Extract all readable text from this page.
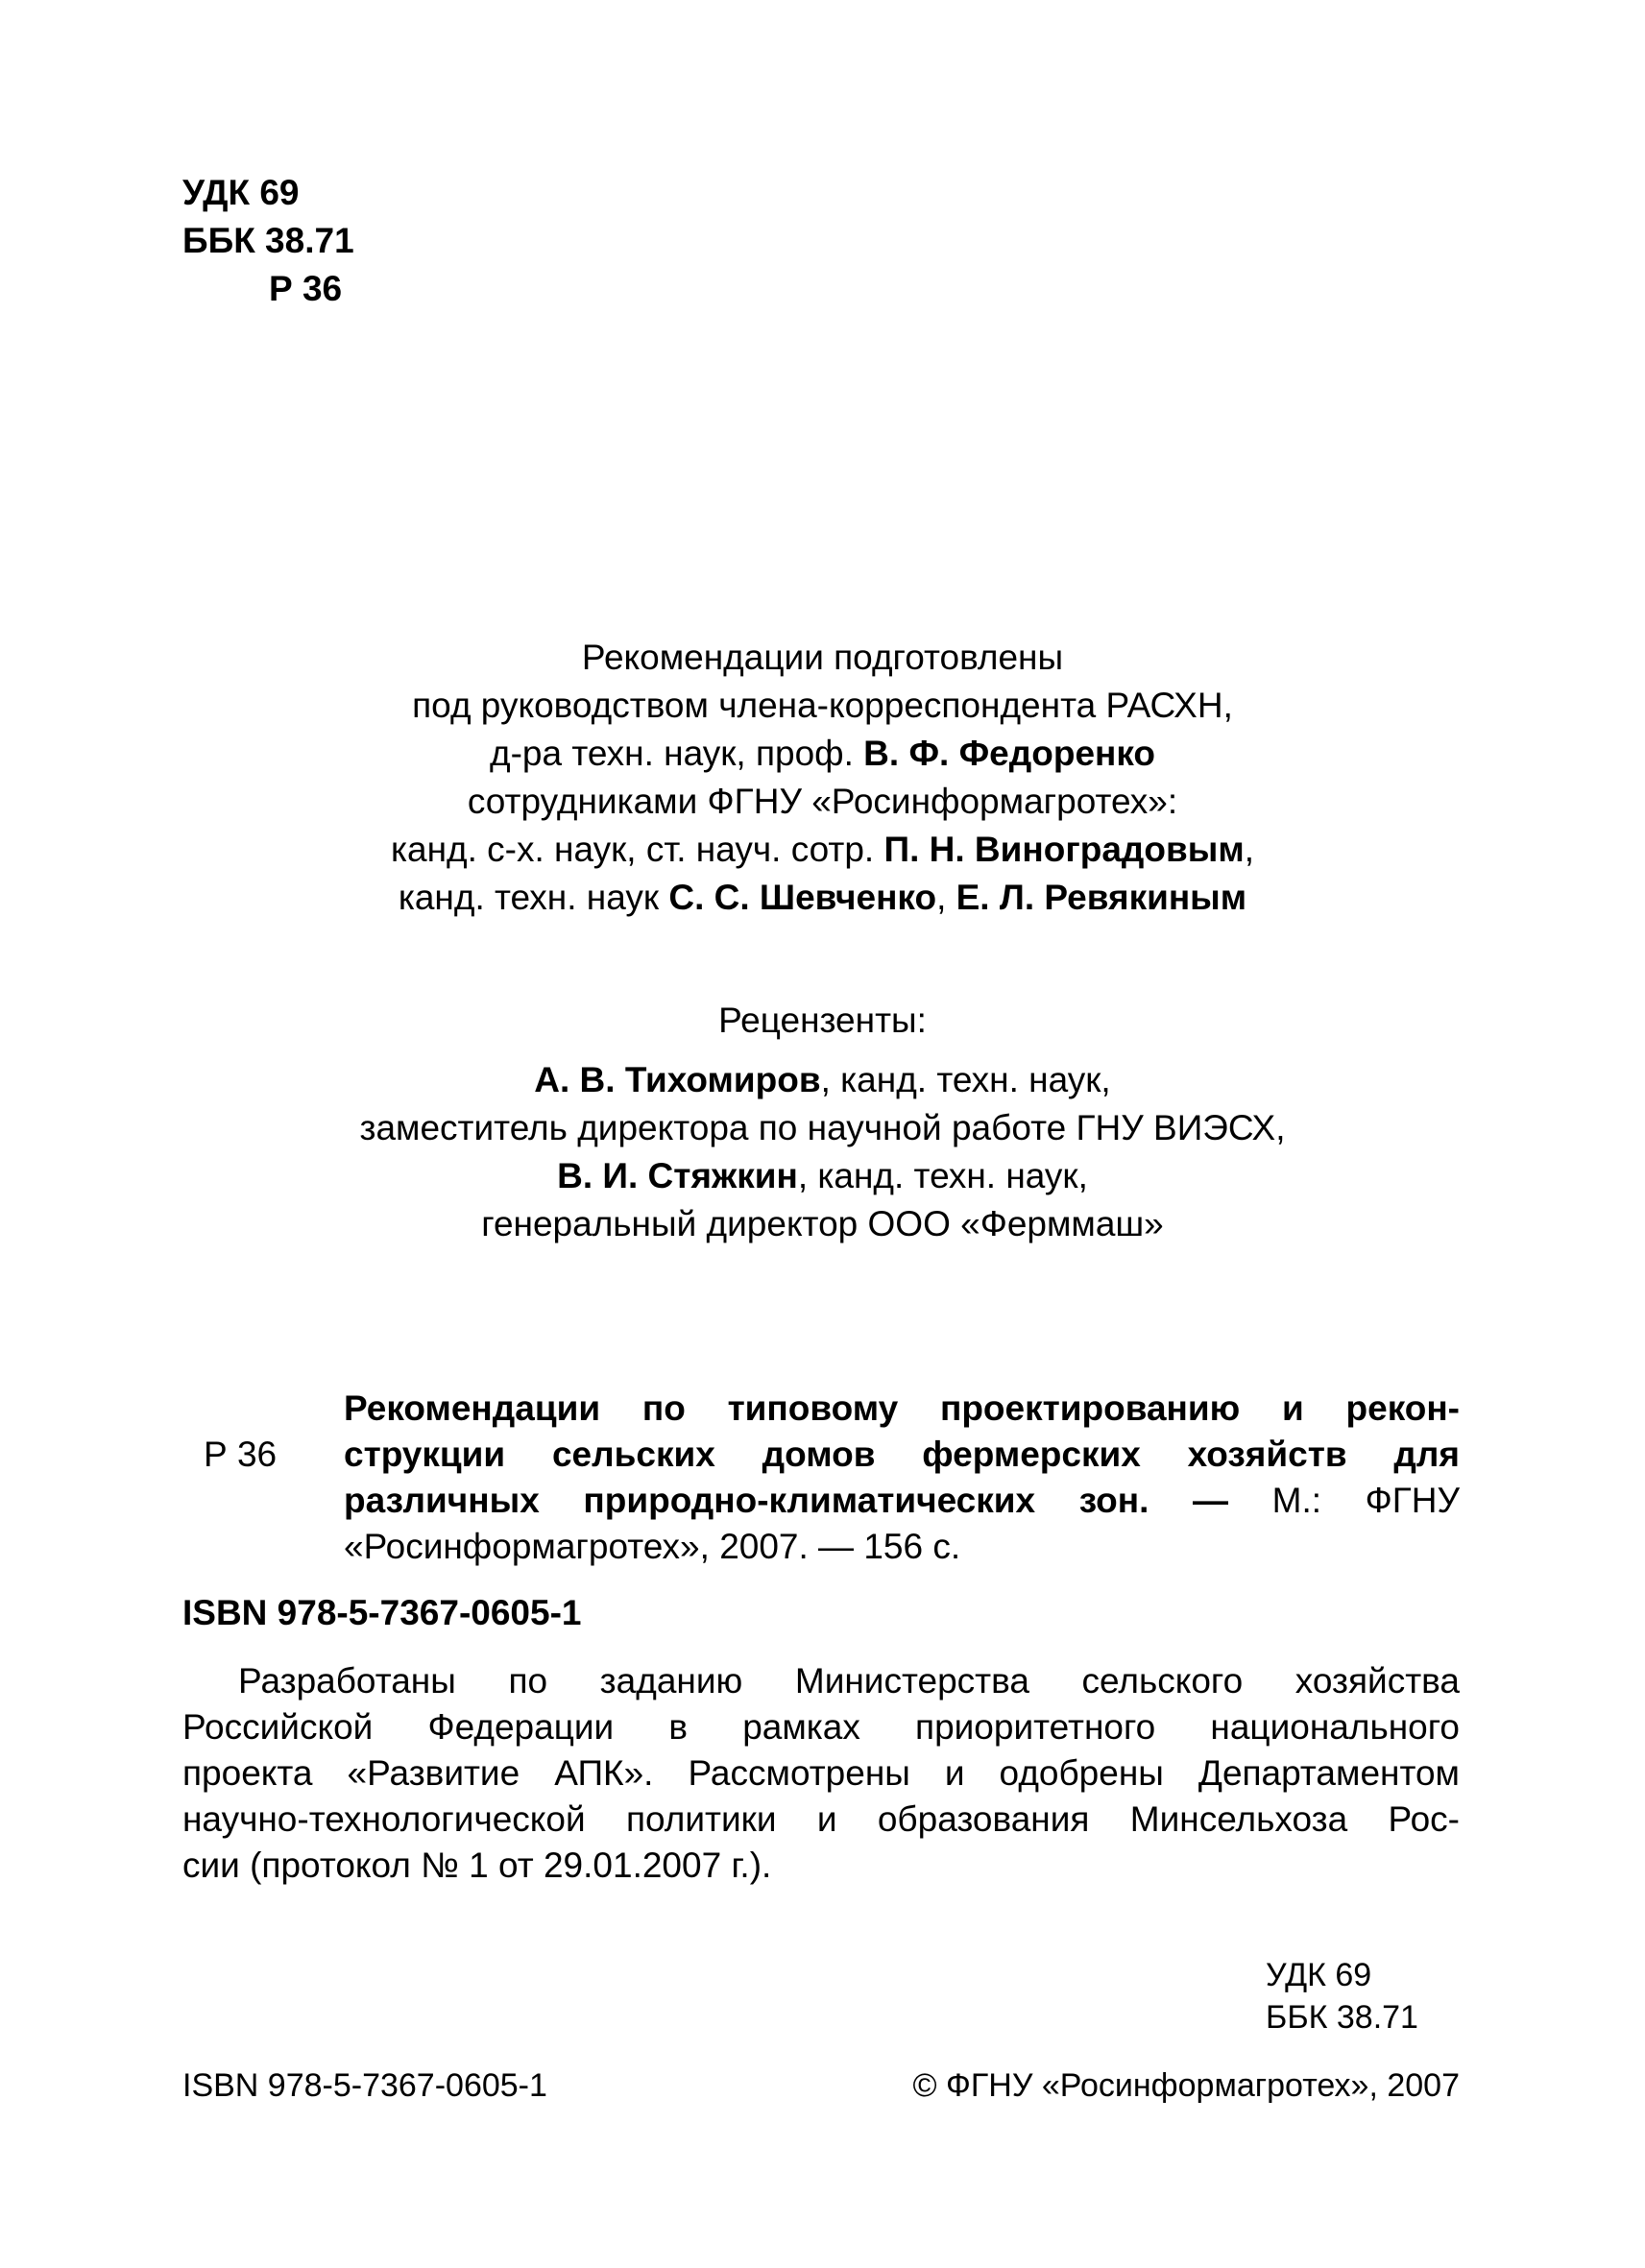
УДК 69
ББК 38.71
Р 36
Рекомендации подготовлены
под руководством члена-корреспондента РАСХН,
д-ра техн. наук, проф. В. Ф. Федоренко
сотрудниками ФГНУ «Росинформагротех»:
канд. с-х. наук, ст. науч. сотр. П. Н. Виноградовым,
канд. техн. наук С. С. Шевченко, Е. Л. Ревякиным
Рецензенты:
А. В. Тихомиров, канд. техн. наук,
заместитель директора по научной работе ГНУ ВИЭСХ,
В. И. Стяжкин, канд. техн. наук,
генеральный директор ООО «Ферммаш»
Р 36
Рекомендации по типовому проектированию и рекон-
струкции сельских домов фермерских хозяйств для
различных природно-климатических зон. — М.: ФГНУ
«Росинформагротех», 2007. — 156 с.
ISBN 978-5-7367-0605-1
Разработаны по заданию Министерства сельского хозяйства
Российской Федерации в рамках приоритетного национального
проекта «Развитие АПК». Рассмотрены и одобрены Департаментом
научно-технологической политики и образования Минсельхоза Рос-
сии (протокол № 1 от 29.01.2007 г.).
УДК 69
ББК 38.71
ISBN 978-5-7367-0605-1	© ФГНУ «Росинформагротех», 2007
